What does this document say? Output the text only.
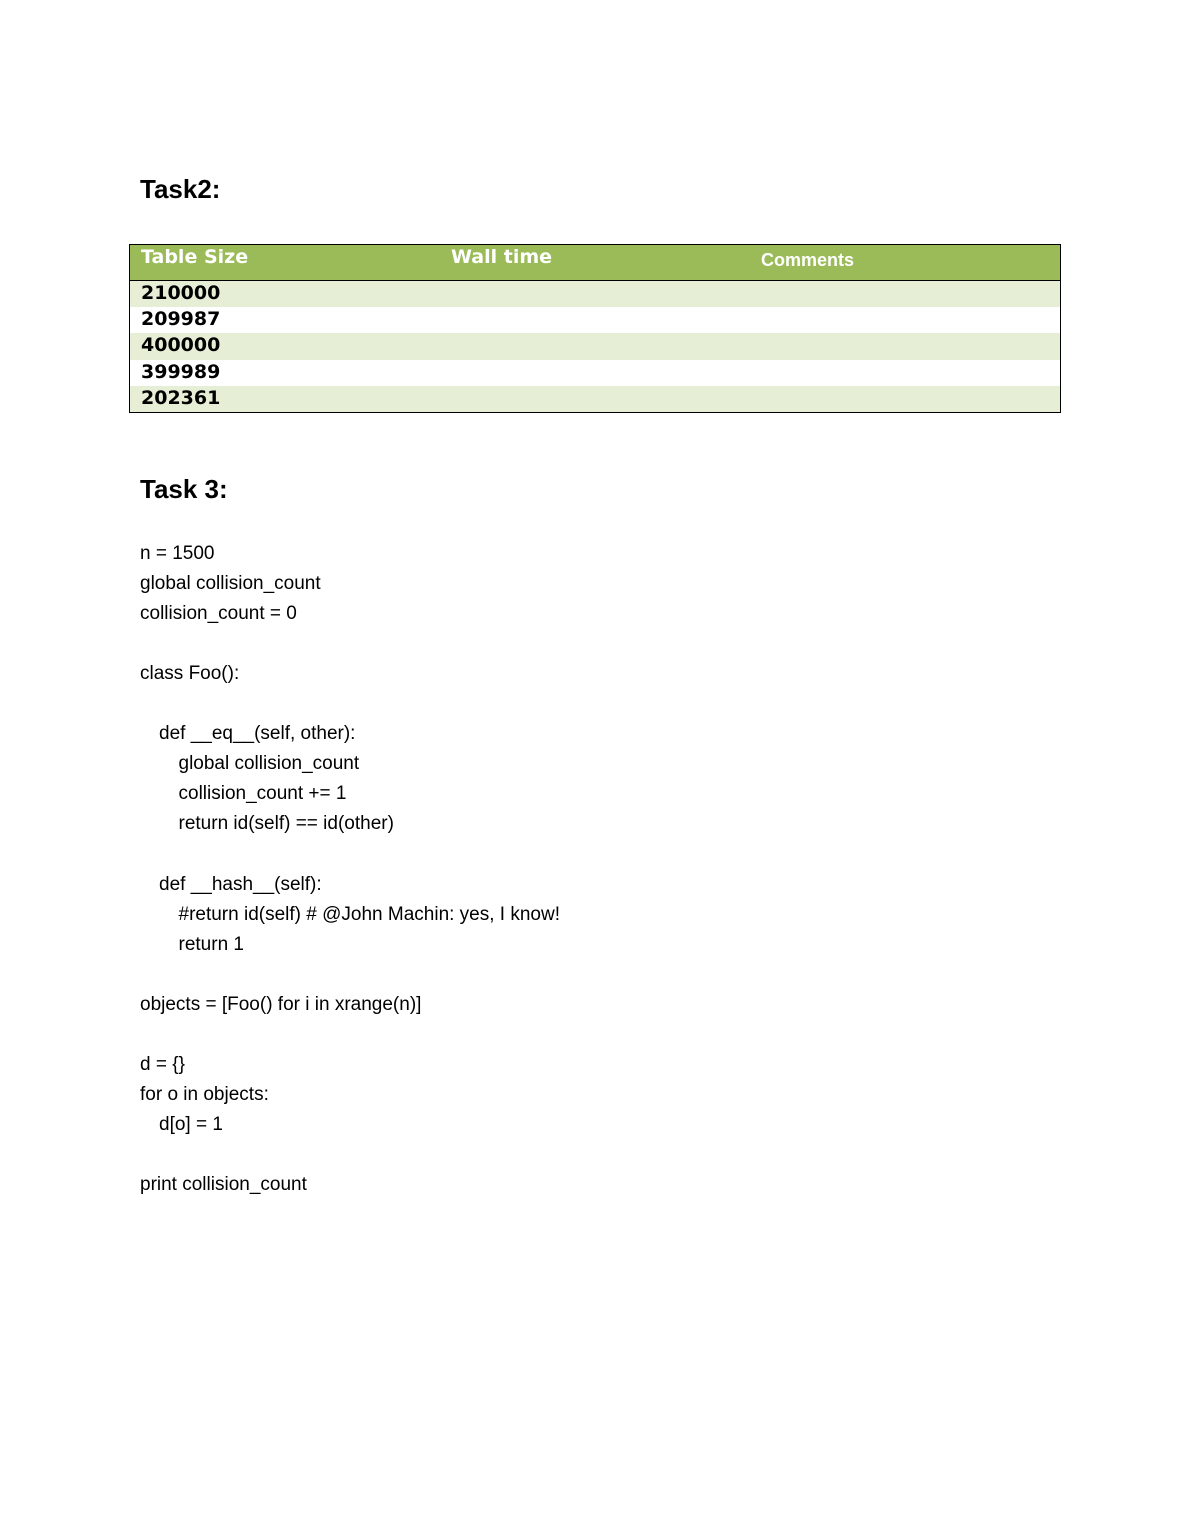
Task2:
Table Size	Wall time	Comments
210000
209987
400000
399989
202361
Task 3:
n = 1500
global collision_count
collision_count = 0
class Foo():
def __eq__(self, other):
global collision_count
collision_count += 1
return id(self) == id(other)
def __hash__(self):
#return id(self) # @John Machin: yes, I know!
return 1
objects = [Foo() for i in xrange(n)]
d = {}
for o in objects:
d[o] = 1
print collision_count
